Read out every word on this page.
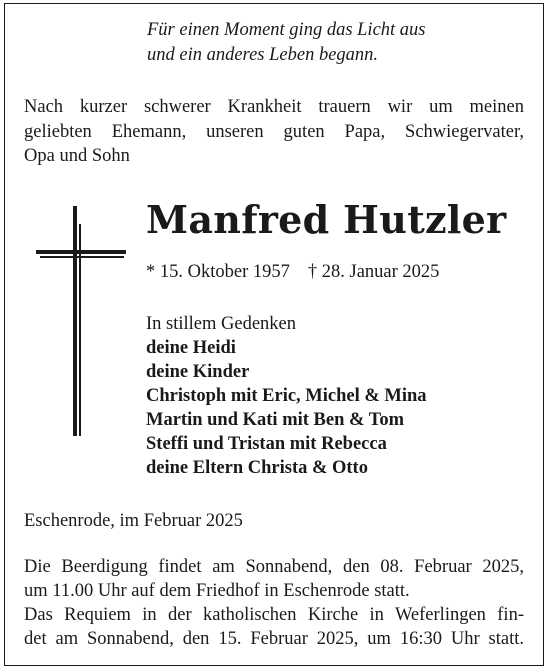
Für einen Moment ging das Licht aus
und ein anderes Leben begann.
Nach kurzer schwerer Krankheit trauern wir um meinen
geliebten Ehemann, unseren guten Papa, Schwiegervater,
Opa und Sohn
Manfred Hutzler
* 15. Oktober 1957 † 28. Januar 2025
In stillem Gedenken
deine Heidi
deine Kinder
Christoph mit Eric, Michel & Mina
Martin und Kati mit Ben & Tom
Steffi und Tristan mit Rebecca
deine Eltern Christa & Otto
Eschenrode, im Februar 2025
Die Beerdigung findet am Sonnabend, den 08. Februar 2025,
um 11.00 Uhr auf dem Friedhof in Eschenrode statt.
Das Requiem in der katholischen Kirche in Weferlingen fin-
det am Sonnabend, den 15. Februar 2025, um 16:30 Uhr statt.
